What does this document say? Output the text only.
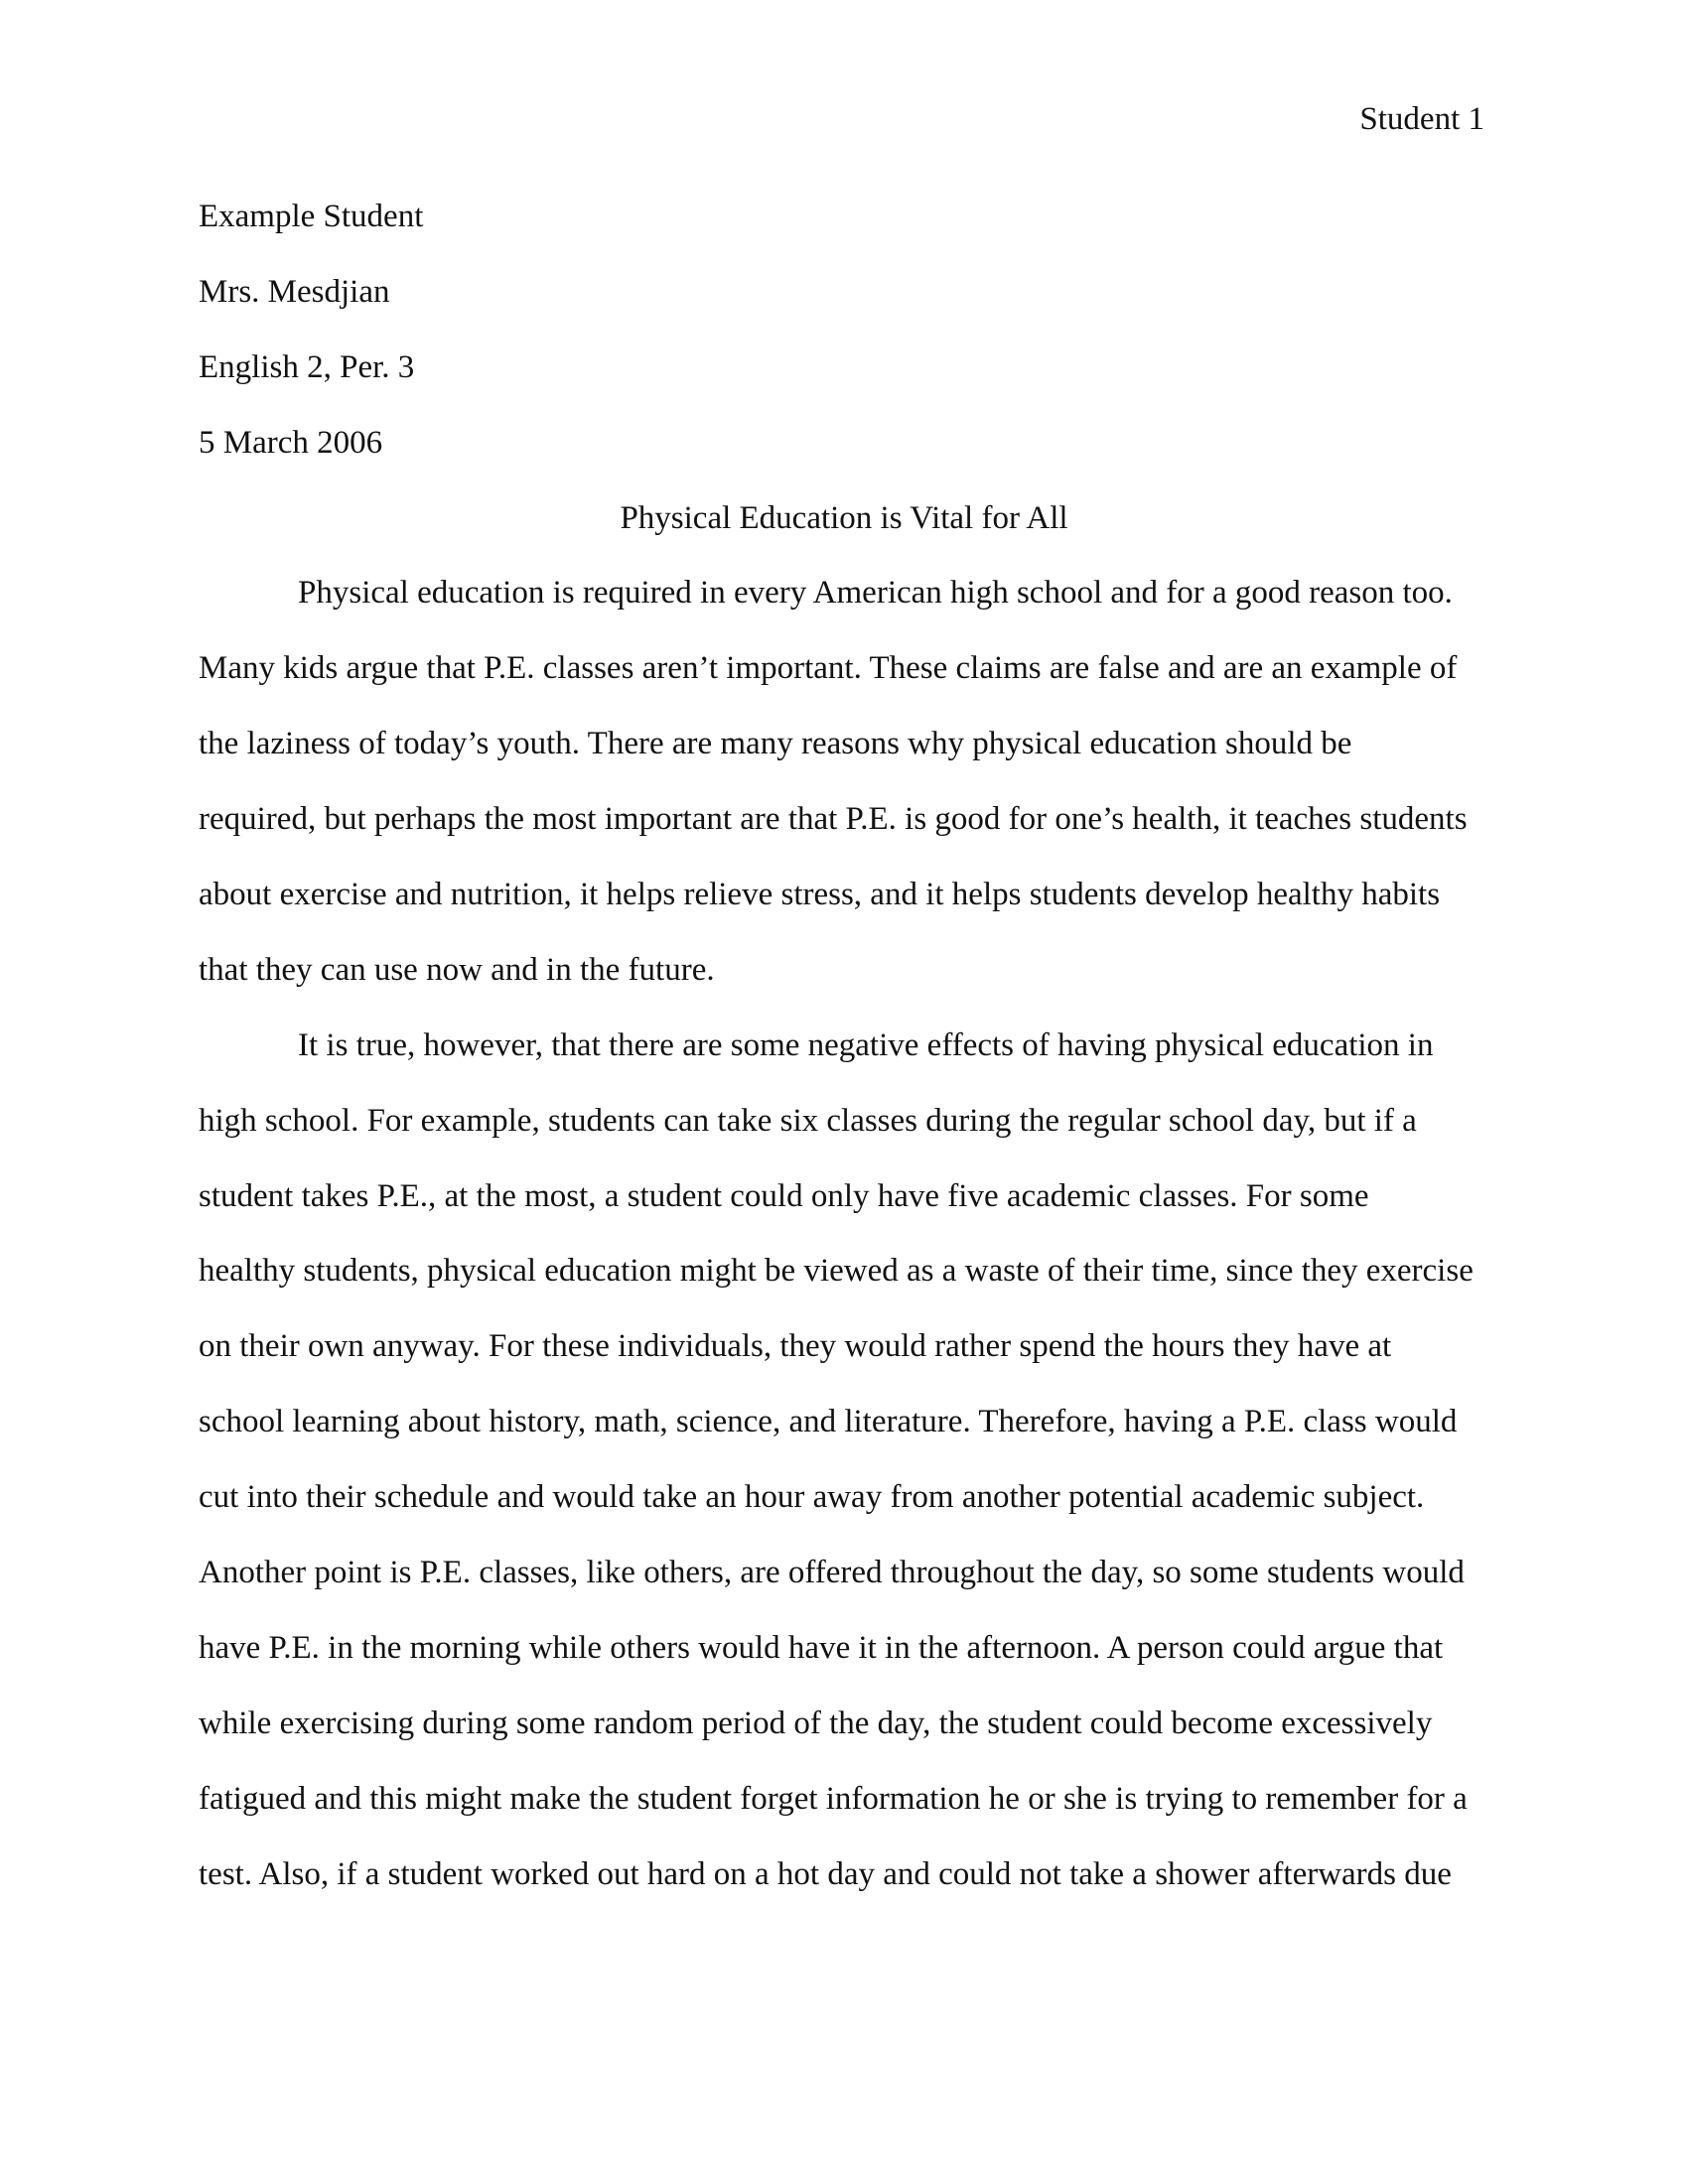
Student 1
Example Student
Mrs. Mesdjian
English 2, Per. 3
5 March 2006
Physical Education is Vital for All
Physical education is required in every American high school and for a good reason too.
Many kids argue that P.E. classes aren’t important. These claims are false and are an example of
the laziness of today’s youth. There are many reasons why physical education should be
required, but perhaps the most important are that P.E. is good for one’s health, it teaches students
about exercise and nutrition, it helps relieve stress, and it helps students develop healthy habits
that they can use now and in the future.
It is true, however, that there are some negative effects of having physical education in
high school. For example, students can take six classes during the regular school day, but if a
student takes P.E., at the most, a student could only have five academic classes. For some
healthy students, physical education might be viewed as a waste of their time, since they exercise
on their own anyway. For these individuals, they would rather spend the hours they have at
school learning about history, math, science, and literature. Therefore, having a P.E. class would
cut into their schedule and would take an hour away from another potential academic subject.
Another point is P.E. classes, like others, are offered throughout the day, so some students would
have P.E. in the morning while others would have it in the afternoon. A person could argue that
while exercising during some random period of the day, the student could become excessively
fatigued and this might make the student forget information he or she is trying to remember for a
test. Also, if a student worked out hard on a hot day and could not take a shower afterwards due
